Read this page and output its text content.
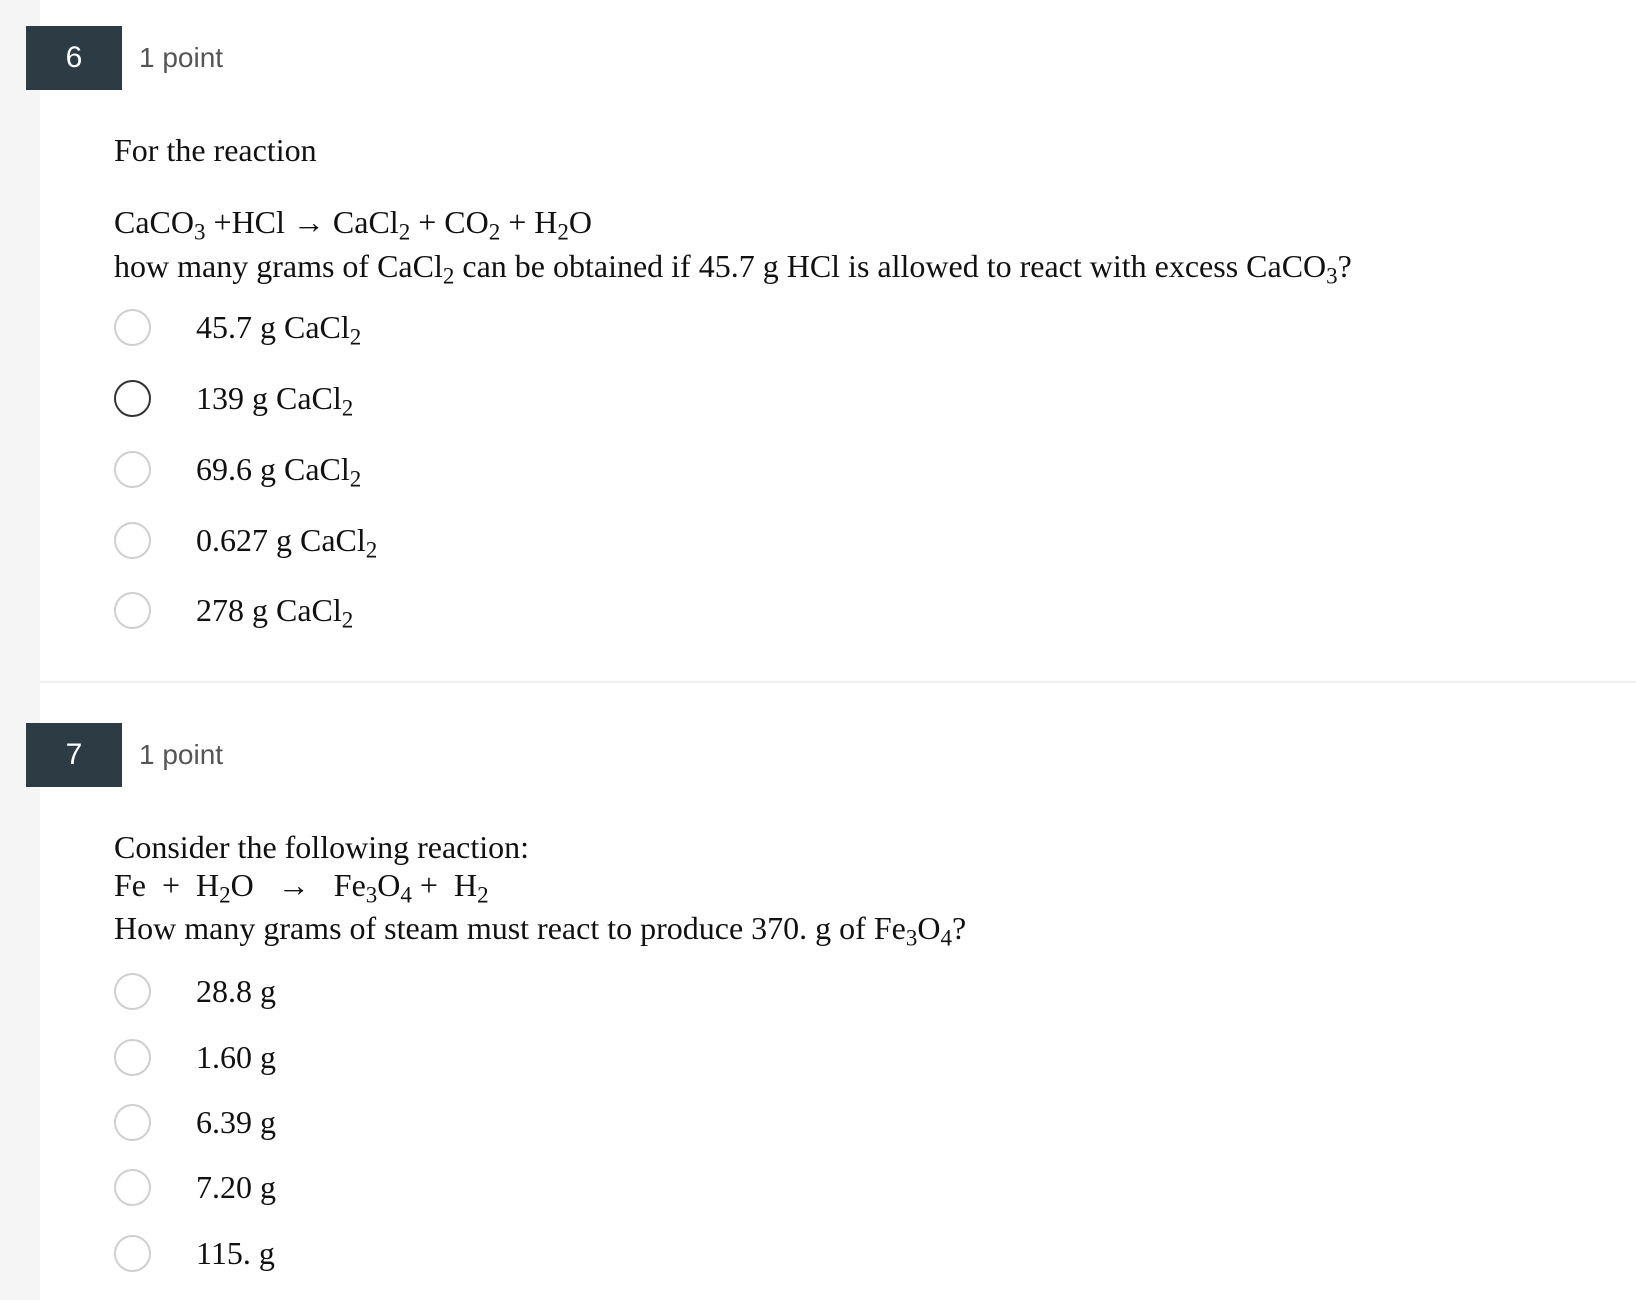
6 1 point
For the reaction
CaCO$_3$ +HCl → CaCl$_2$ + $CO_2 + H_2O$
how many grams of CaCl$_2$ can be obtained if 45.7 g HCl is allowed to react with excess CaCO$_3$?
45.7 g CaCl$_2$
139 g CaCl$_2$
69.6 g CaCl$_2$
0.627 g CaCl$_2$
278 g CaCl$_2$
7 1 point
Consider the following reaction:
$Fe + H_2O \to Fe_3O_4 + H_2$
How many grams of steam must react to produce 370. g of $Fe_3O_4$?
28.8 g
1.60 g
6.39 g
7.20 g
115. g
